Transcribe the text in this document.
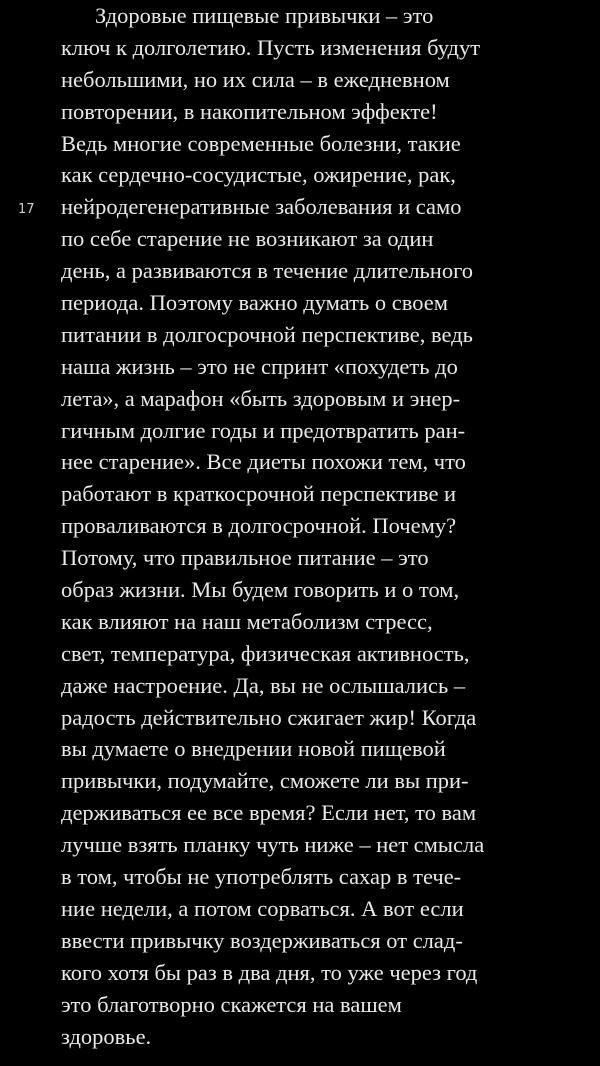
17
Здоровые пищевые привычки – это
ключ к долголетию. Пусть изменения будут
небольшими, но их сила – в ежедневном
повторении, в накопительном эффекте!
Ведь многие современные болезни, такие
как сердечно-сосудистые, ожирение, рак,
нейродегенеративные заболевания и само
по себе старение не возникают за один
день, а развиваются в течение длительного
периода. Поэтому важно думать о своем
питании в долгосрочной перспективе, ведь
наша жизнь – это не спринт «похудеть до
лета», а марафон «быть здоровым и энер-
гичным долгие годы и предотвратить ран-
нее старение». Все диеты похожи тем, что
работают в краткосрочной перспективе и
проваливаются в долгосрочной. Почему?
Потому, что правильное питание – это
образ жизни. Мы будем говорить и о том,
как влияют на наш метаболизм стресс,
свет, температура, физическая активность,
даже настроение. Да, вы не ослышались –
радость действительно сжигает жир! Когда
вы думаете о внедрении новой пищевой
привычки, подумайте, сможете ли вы при-
держиваться ее все время? Если нет, то вам
лучше взять планку чуть ниже – нет смысла
в том, чтобы не употреблять сахар в тече-
ние недели, а потом сорваться. А вот если
ввести привычку воздерживаться от слад-
кого хотя бы раз в два дня, то уже через год
это благотворно скажется на вашем
здоровье.
